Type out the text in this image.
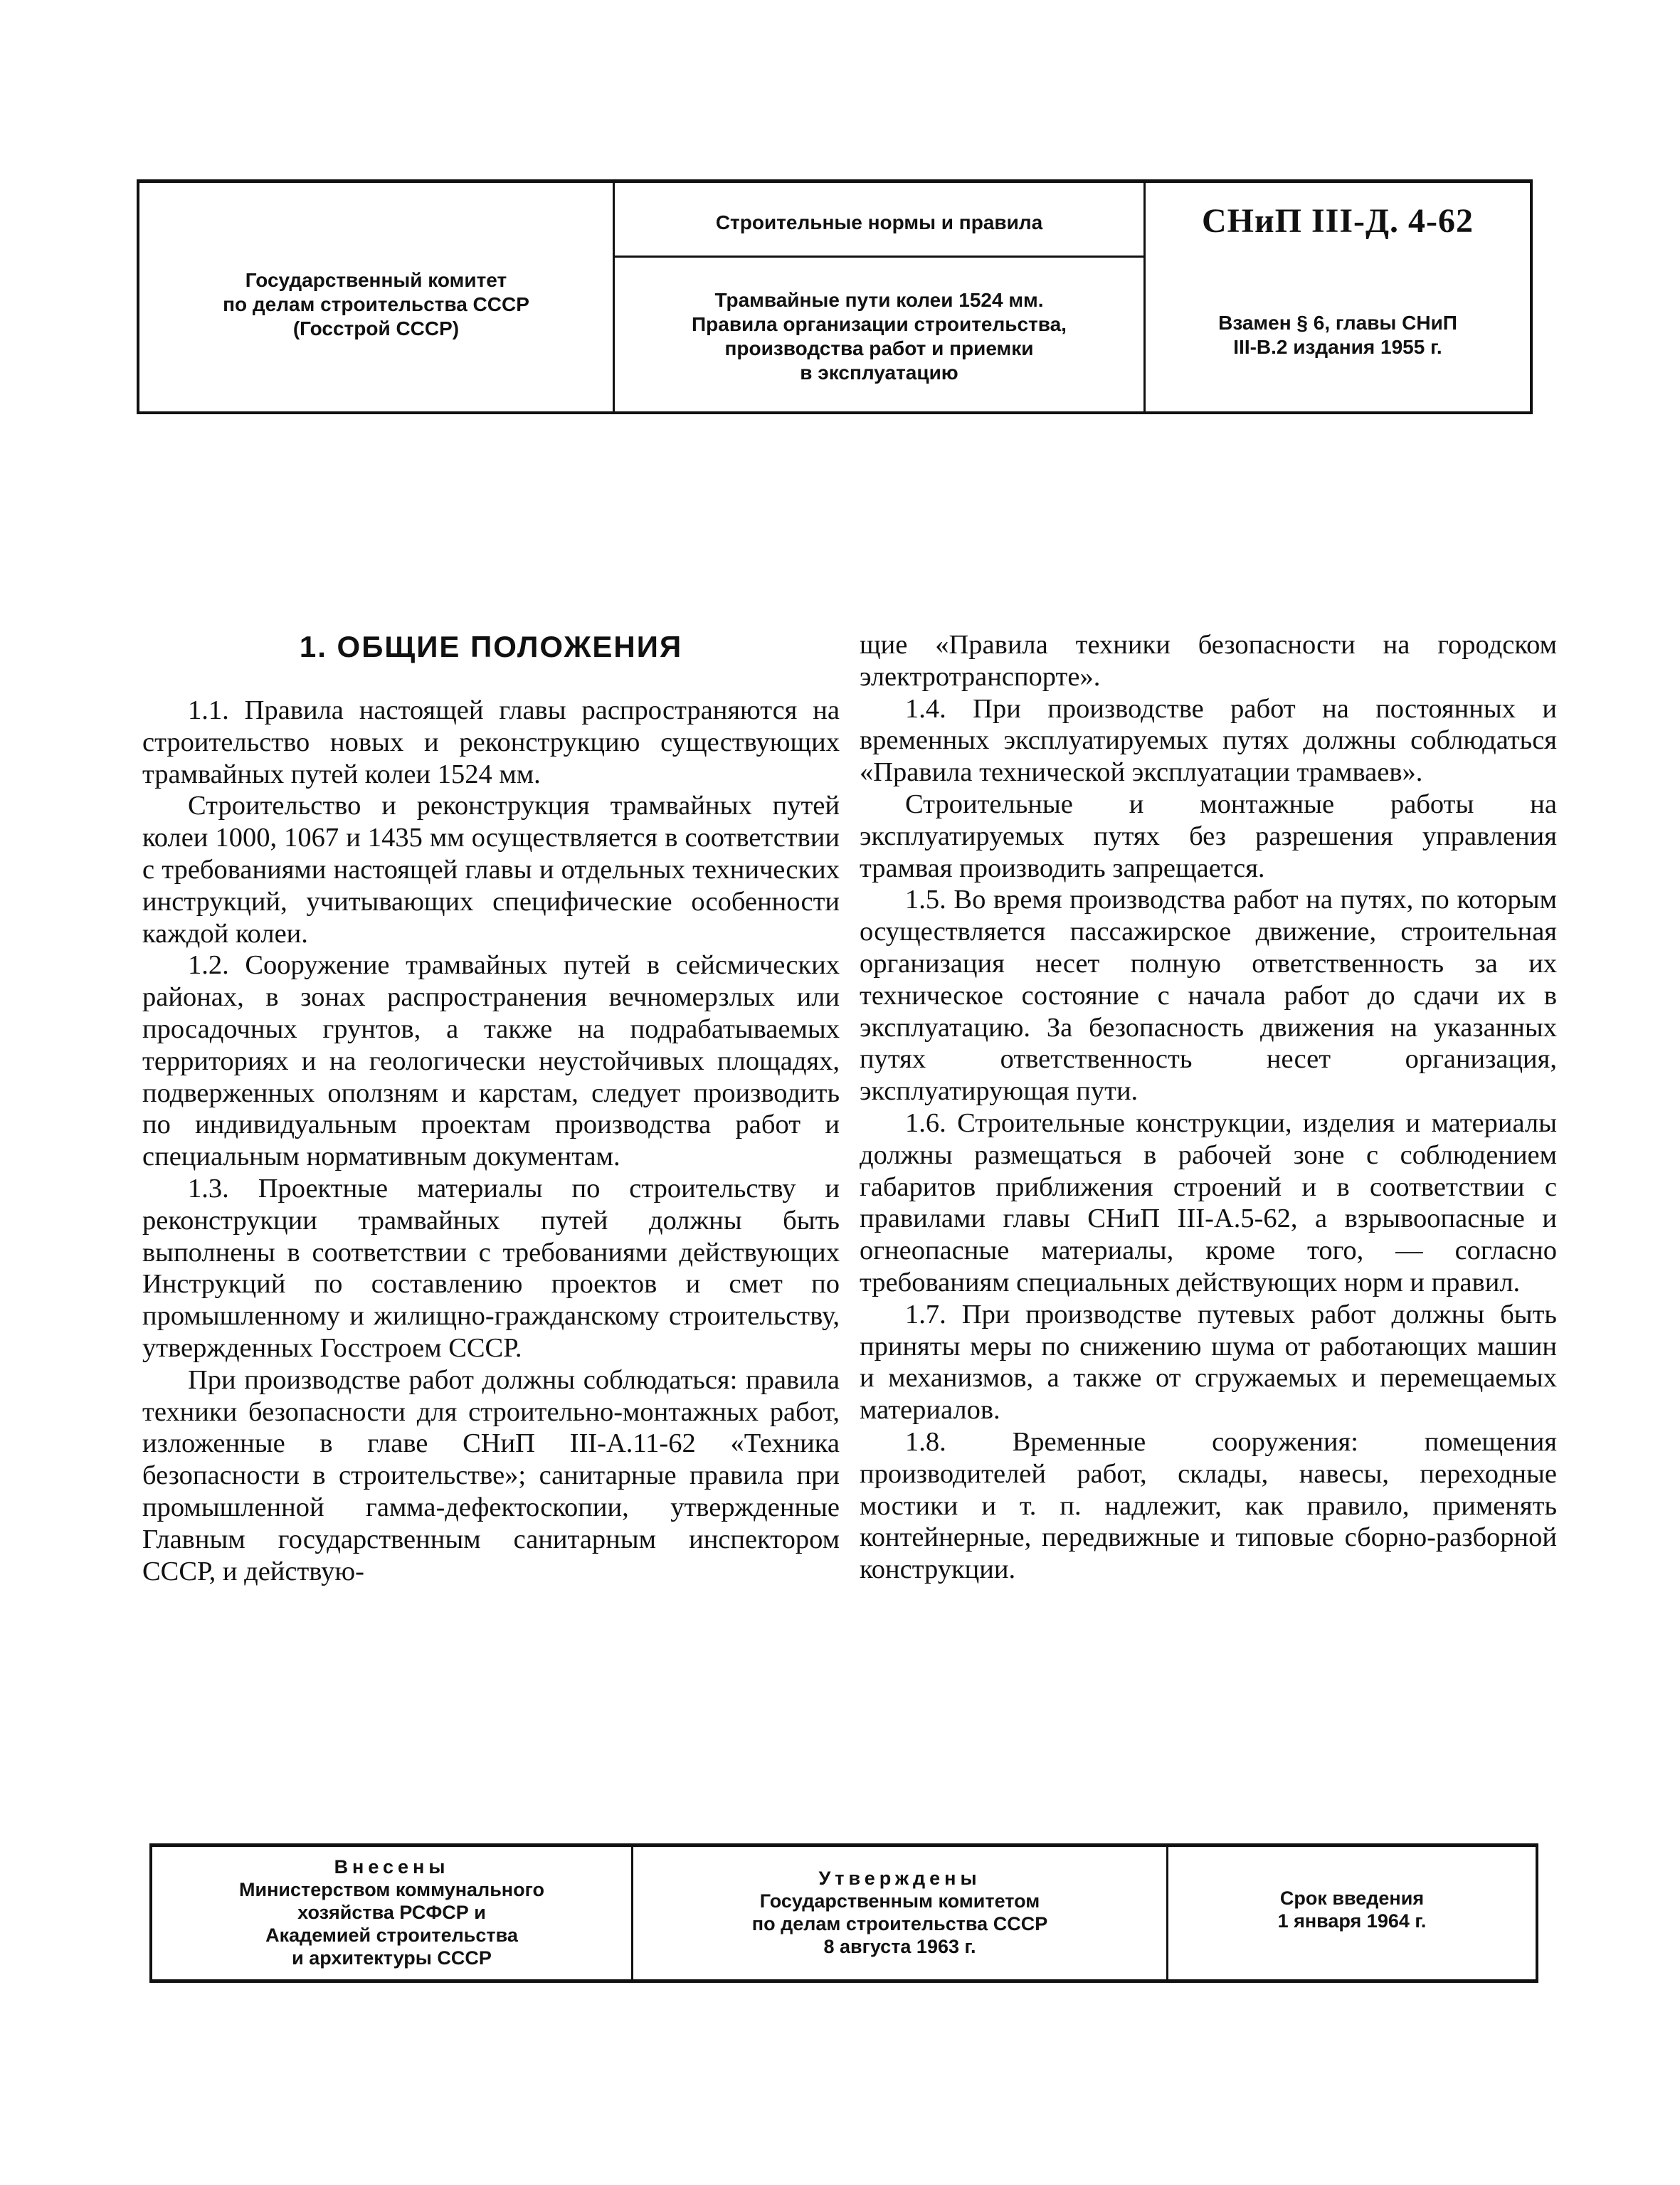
Государственный комитет
по делам строительства СССР
(Госстрой СССР)
Строительные нормы и правила
Трамвайные пути колеи 1524 мм.
Правила организации строительства,
производства работ и приемки
в эксплуатацию
СНиП III-Д. 4-62
Взамен § 6, главы СНиП
III-В.2 издания 1955 г.
1. ОБЩИЕ ПОЛОЖЕНИЯ

1.1. Правила настоящей главы распространяются на строительство новых и реконструкцию существующих трамвайных путей колеи 1524 мм.

Строительство и реконструкция трамвайных путей колеи 1000, 1067 и 1435 мм осуществляется в соответствии с требованиями настоящей главы и отдельных технических инструкций, учитывающих специфические особенности каждой колеи.

1.2. Сооружение трамвайных путей в сейсмических районах, в зонах распространения вечномерзлых или просадочных грунтов, а также на подрабатываемых территориях и на геологически неустойчивых площадях, подверженных оползням и карстам, следует производить по индивидуальным проектам производства работ и специальным нормативным документам.

1.3. Проектные материалы по строительству и реконструкции трамвайных путей должны быть выполнены в соответствии с требованиями действующих Инструкций по составлению проектов и смет по промышленному и жилищно-гражданскому строительству, утвержденных Госстроем СССР.

При производстве работ должны соблюдаться: правила техники безопасности для строительно-монтажных работ, изложенные в главе СНиП III-А.11-62 «Техника безопасности в строительстве»; санитарные правила при промышленной гамма-дефектоскопии, утвержденные Главным государственным санитарным инспектором СССР, и действую-

щие «Правила техники безопасности на городском электротранспорте».

1.4. При производстве работ на постоянных и временных эксплуатируемых путях должны соблюдаться «Правила технической эксплуатации трамваев».

Строительные и монтажные работы на эксплуатируемых путях без разрешения управления трамвая производить запрещается.

1.5. Во время производства работ на путях, по которым осуществляется пассажирское движение, строительная организация несет полную ответственность за их техническое состояние с начала работ до сдачи их в эксплуатацию. За безопасность движения на указанных путях ответственность несет организация, эксплуатирующая пути.

1.6. Строительные конструкции, изделия и материалы должны размещаться в рабочей зоне с соблюдением габаритов приближения строений и в соответствии с правилами главы СНиП III-А.5-62, а взрывоопасные и огнеопасные материалы, кроме того, — согласно требованиям специальных действующих норм и правил.

1.7. При производстве путевых работ должны быть приняты меры по снижению шума от работающих машин и механизмов, а также от сгружаемых и перемещаемых материалов.

1.8. Временные сооружения: помещения производителей работ, склады, навесы, переходные мостики и т. п. надлежит, как правило, применять контейнерные, передвижные и типовые сборно-разборной конструкции.

Внесены
Министерством коммунального
хозяйства РСФСР и
Академией строительства
и архитектуры СССР
Утверждены
Государственным комитетом
по делам строительства СССР
8 августа 1963 г.
Срок введения
1 января 1964 г.
